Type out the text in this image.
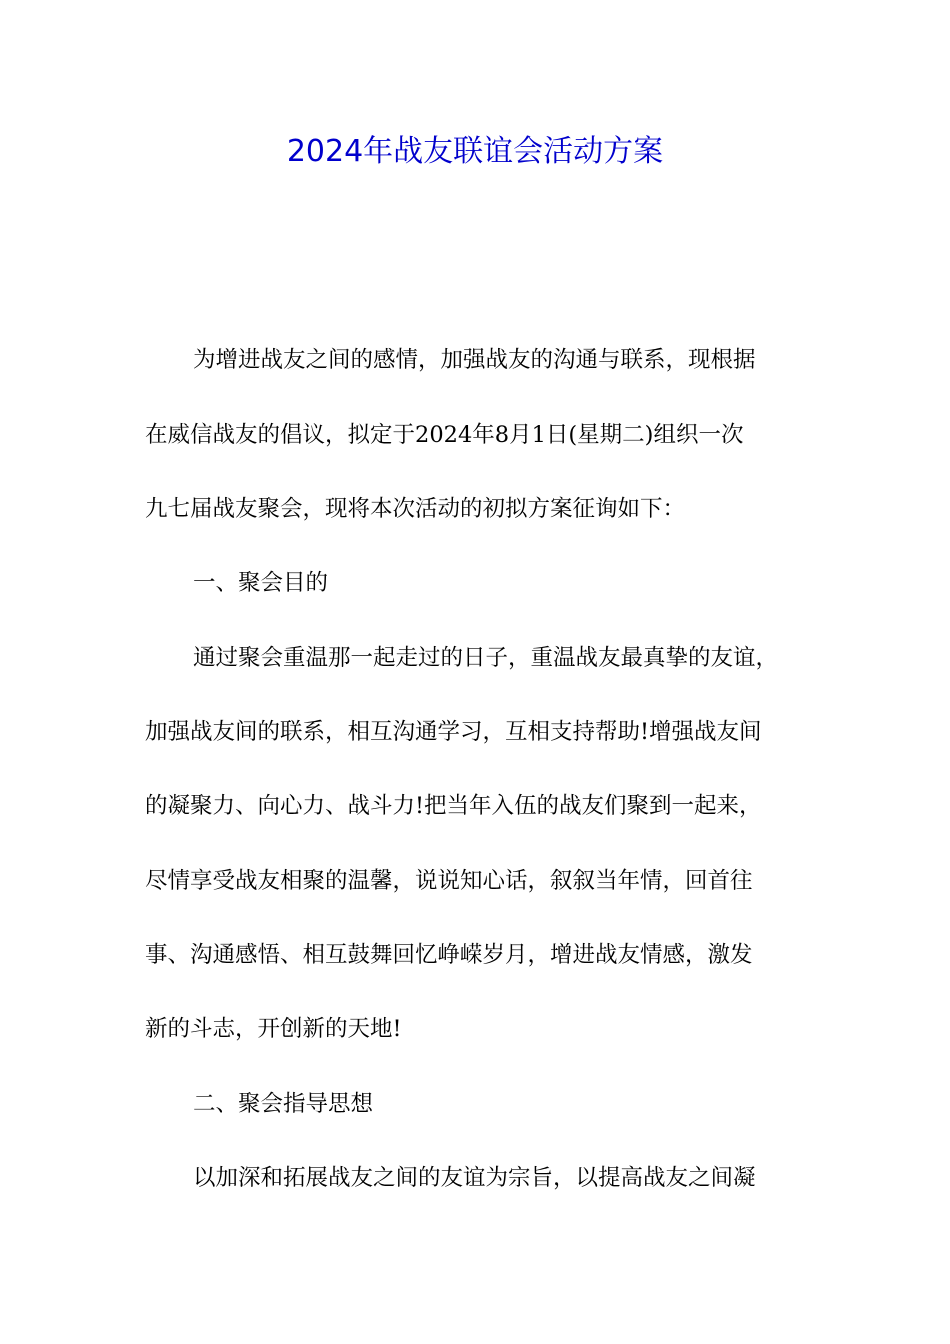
2024年战友联谊会活动方案
为增进战友之间的感情，加强战友的沟通与联系，现根据
在威信战友的倡议，拟定于2024年8月1日(星期二)组织一次
九七届战友聚会，现将本次活动的初拟方案征询如下：
一、聚会目的
通过聚会重温那一起走过的日子，重温战友最真挚的友谊，
加强战友间的联系，相互沟通学习，互相支持帮助!增强战友间
的凝聚力、向心力、战斗力!把当年入伍的战友们聚到一起来，
尽情享受战友相聚的温馨，说说知心话，叙叙当年情，回首往
事、沟通感悟、相互鼓舞回忆峥嵘岁月，增进战友情感，激发
新的斗志，开创新的天地!
二、聚会指导思想
以加深和拓展战友之间的友谊为宗旨，以提高战友之间凝
